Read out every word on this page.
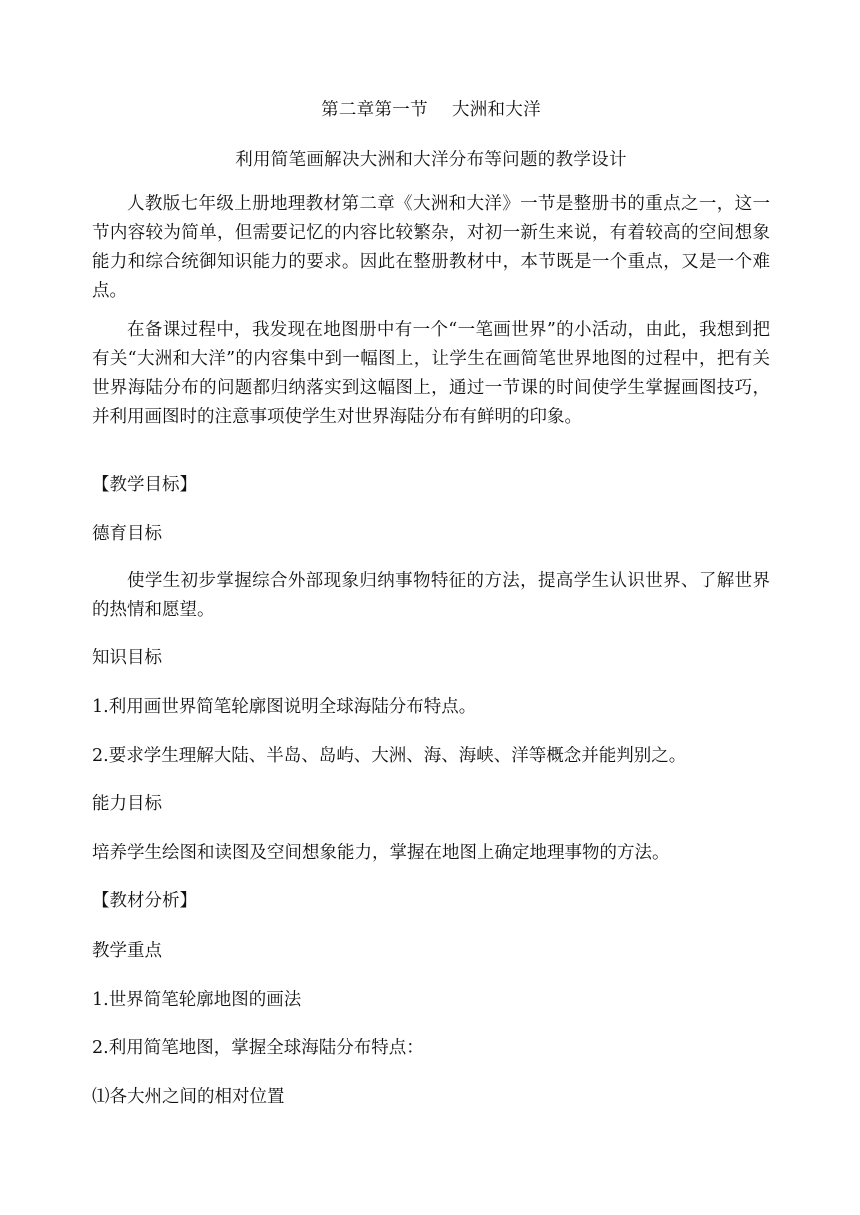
第二章第一节 大洲和大洋
利用简笔画解决大洲和大洋分布等问题的教学设计
人教版七年级上册地理教材第二章《大洲和大洋》一节是整册书的重点之一，这一节内容较为简单，但需要记忆的内容比较繁杂，对初一新生来说，有着较高的空间想象能力和综合统御知识能力的要求。因此在整册教材中，本节既是一个重点，又是一个难点。
在备课过程中，我发现在地图册中有一个“一笔画世界”的小活动，由此，我想到把有关“大洲和大洋”的内容集中到一幅图上，让学生在画简笔世界地图的过程中，把有关世界海陆分布的问题都归纳落实到这幅图上，通过一节课的时间使学生掌握画图技巧，并利用画图时的注意事项使学生对世界海陆分布有鲜明的印象。
【教学目标】
德育目标
使学生初步掌握综合外部现象归纳事物特征的方法，提高学生认识世界、了解世界的热情和愿望。
知识目标
1.利用画世界简笔轮廓图说明全球海陆分布特点。
2.要求学生理解大陆、半岛、岛屿、大洲、海、海峡、洋等概念并能判别之。
能力目标
培养学生绘图和读图及空间想象能力，掌握在地图上确定地理事物的方法。
【教材分析】
教学重点
1.世界简笔轮廓地图的画法
2.利用简笔地图，掌握全球海陆分布特点：
⑴各大州之间的相对位置
